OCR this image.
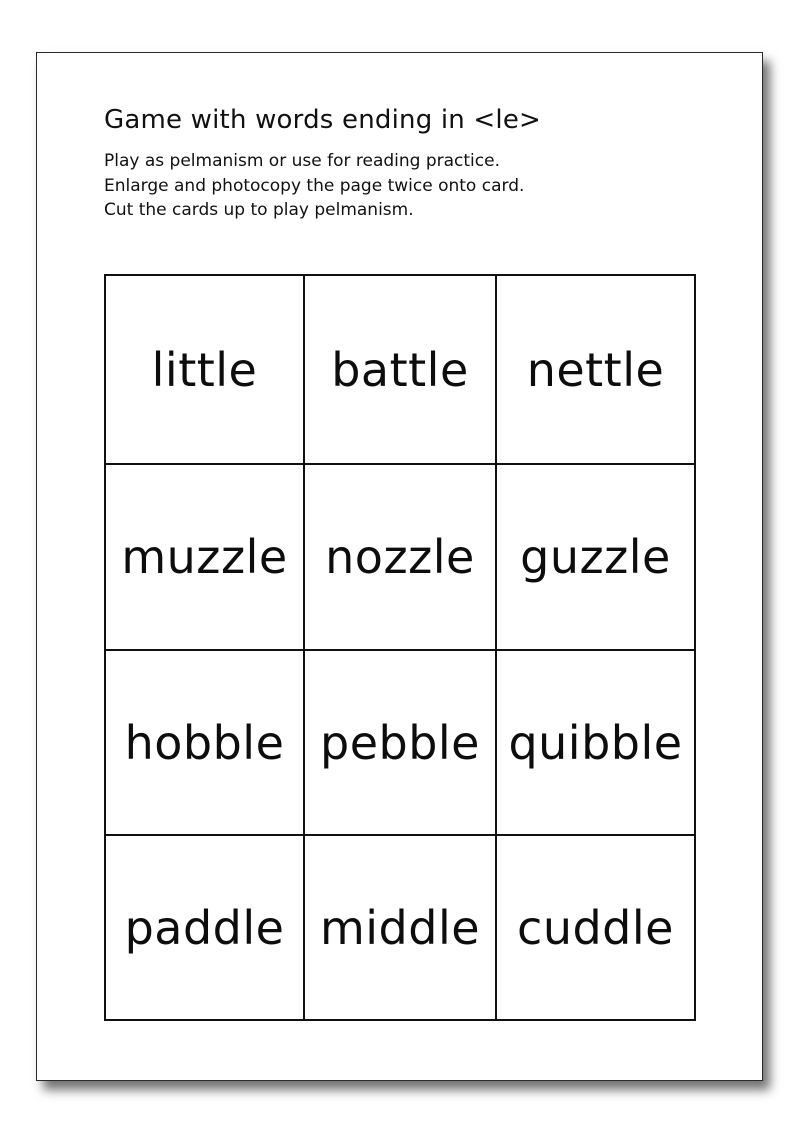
Game with words ending in <le>
Play as pelmanism or use for reading practice.
Enlarge and photocopy the page twice onto card.
Cut the cards up to play pelmanism.
little battle nettle
muzzle nozzle guzzle
hobble pebble quibble
paddle middle cuddle
